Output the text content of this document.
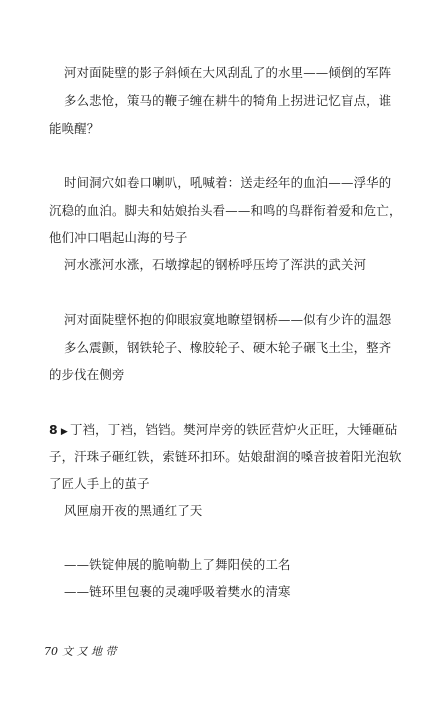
河对面陡壁的影子斜倾在大风刮乱了的水里——倾倒的军阵
多么悲怆，策马的鞭子缠在耕牛的犄角上拐进记忆盲点，谁
能唤醒？
时间洞穴如卷口喇叭，吼喊着：送走经年的血泊——浮华的
沉稳的血泊。脚夫和姑娘抬头看——和鸣的鸟群衔着爱和危亡，
他们冲口唱起山海的号子
河水涨河水涨，石墩撑起的钢桥呼压垮了浑洪的武关河
河对面陡壁怀抱的仰眼寂寞地瞭望钢桥——似有少许的温怨
多么震颤，钢铁轮子、橡胶轮子、硬木轮子碾飞土尘，整齐
的步伐在侧旁
8 ▶ 丁裆，丁裆，铛铛。樊河岸旁的铁匠营炉火正旺，大锤砸砧
子，汗珠子砸红铁，索链环扣环。姑娘甜润的嗓音披着阳光泡软
了匠人手上的茧子
风匣扇开夜的黑通红了天
——铁锭伸展的脆响勒上了舞阳侯的工名
——链环里包裹的灵魂呼吸着樊水的清寒
70 文 又 地 带
